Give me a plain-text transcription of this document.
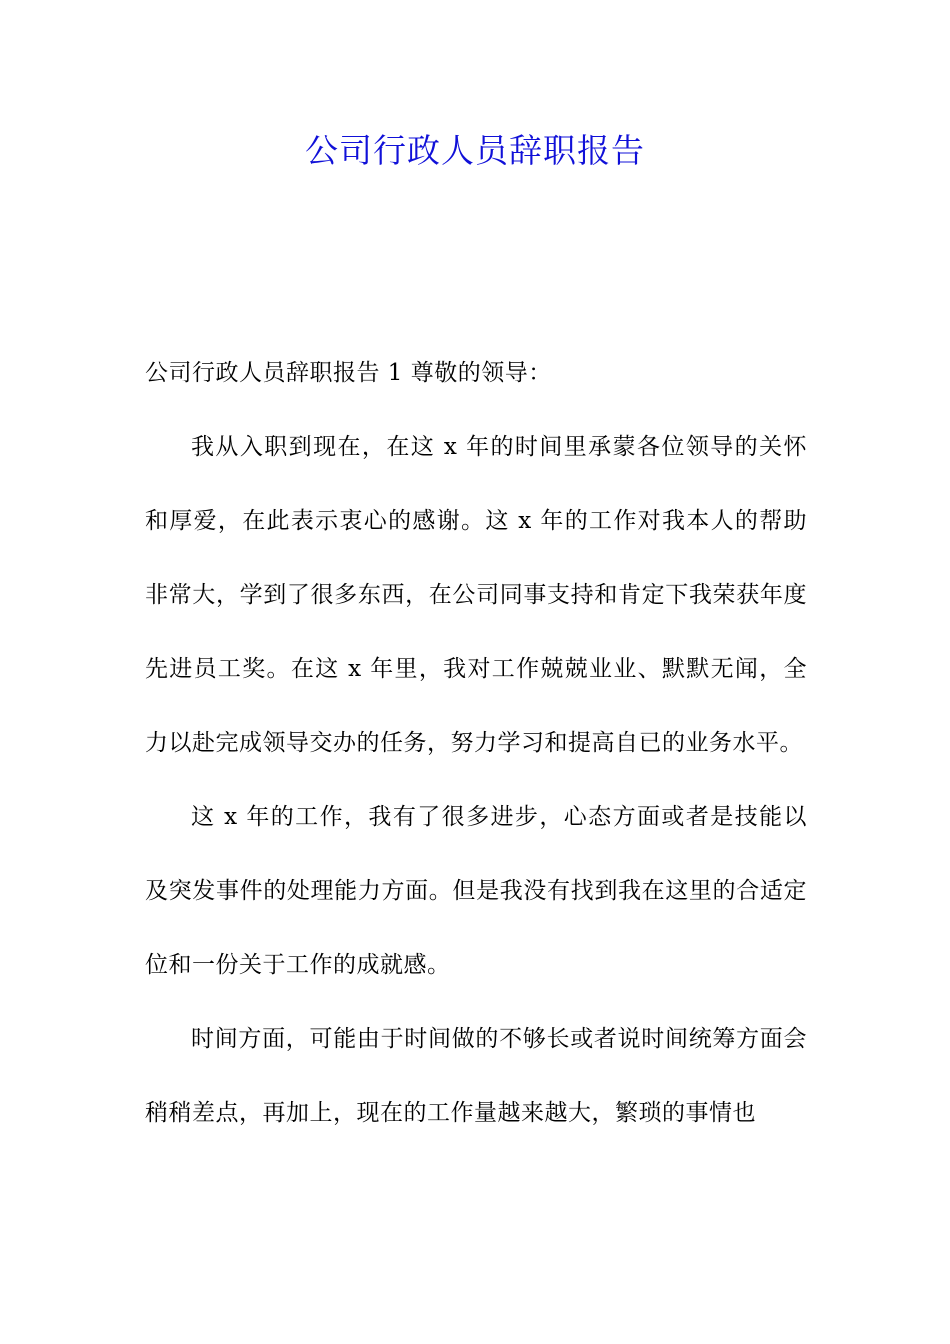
公司行政人员辞职报告

公司行政人员辞职报告 1 尊敬的领导：

我从入职到现在，在这 x 年的时间里承蒙各位领导的关怀和厚爱，在此表示衷心的感谢。这 x 年的工作对我本人的帮助非常大，学到了很多东西，在公司同事支持和肯定下我荣获年度先进员工奖。在这 x 年里，我对工作兢兢业业、默默无闻，全力以赴完成领导交办的任务，努力学习和提高自已的业务水平。

这 x 年的工作，我有了很多进步，心态方面或者是技能以及突发事件的处理能力方面。但是我没有找到我在这里的合适定位和一份关于工作的成就感。

时间方面，可能由于时间做的不够长或者说时间统筹方面会稍稍差点，再加上，现在的工作量越来越大，繁琐的事情也
